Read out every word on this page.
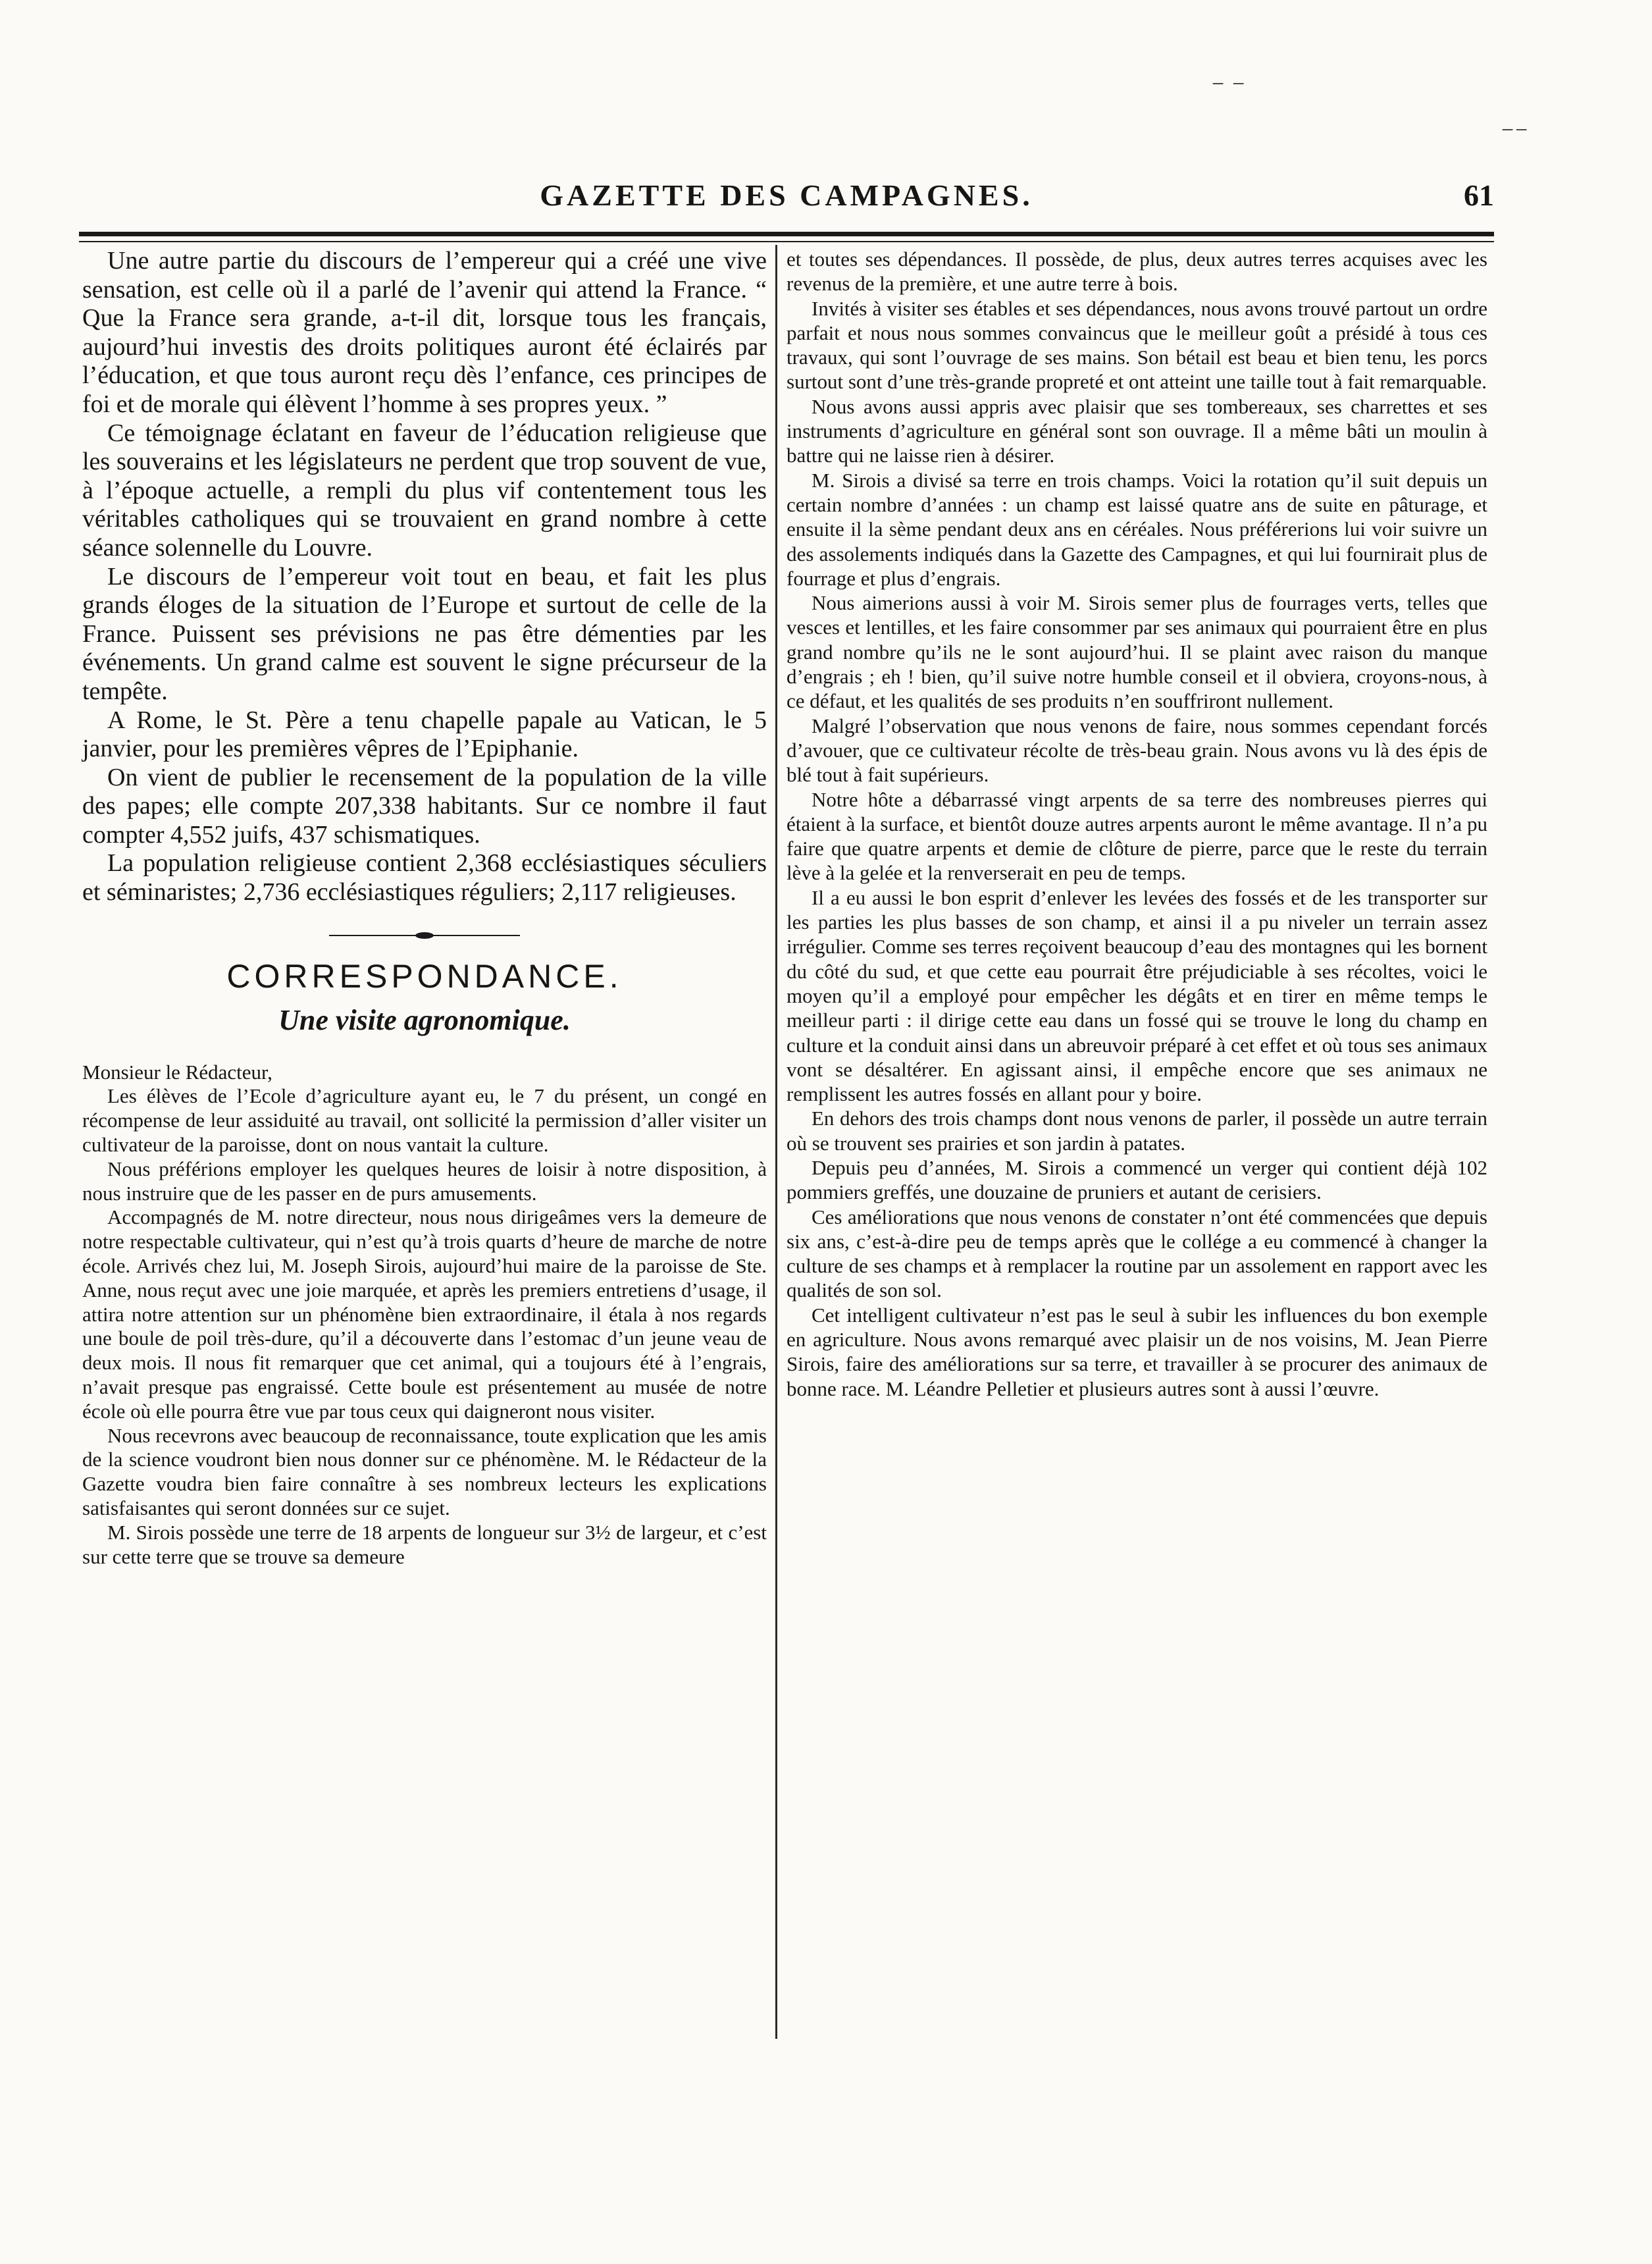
⁻ ⁻
⁻⁻
GAZETTE DES CAMPAGNES.	61

Une autre partie du discours de l’empereur qui a créé une vive sensation, est celle où il a parlé de l’avenir qui attend la France. “ Que la France sera grande, a-t-il dit, lorsque tous les français, aujourd’hui investis des droits politiques auront été éclairés par l’éducation, et que tous auront reçu dès l’enfance, ces principes de foi et de morale qui élèvent l’homme à ses propres yeux. ”

Ce témoignage éclatant en faveur de l’éducation religieuse que les souverains et les législateurs ne perdent que trop souvent de vue, à l’époque actuelle, a rempli du plus vif contentement tous les véritables catholiques qui se trouvaient en grand nombre à cette séance solennelle du Louvre.

Le discours de l’empereur voit tout en beau, et fait les plus grands éloges de la situation de l’Europe et surtout de celle de la France. Puissent ses prévisions ne pas être démenties par les événements. Un grand calme est souvent le signe précurseur de la tempête.

A Rome, le St. Père a tenu chapelle papale au Vatican, le 5 janvier, pour les premières vêpres de l’Epiphanie.

On vient de publier le recensement de la population de la ville des papes; elle compte 207,338 habitants. Sur ce nombre il faut compter 4,552 juifs, 437 schismatiques.

La population religieuse contient 2,368 ecclésiastiques séculiers et séminaristes; 2,736 ecclésiastiques réguliers; 2,117 religieuses.

CORRESPONDANCE.
Une visite agronomique.

Monsieur le Rédacteur,

Les élèves de l’Ecole d’agriculture ayant eu, le 7 du présent, un congé en récompense de leur assiduité au travail, ont sollicité la permission d’aller visiter un cultivateur de la paroisse, dont on nous vantait la culture.

Nous préférions employer les quelques heures de loisir à notre disposition, à nous instruire que de les passer en de purs amusements.

Accompagnés de M. notre directeur, nous nous dirigeâmes vers la demeure de notre respectable cultivateur, qui n’est qu’à trois quarts d’heure de marche de notre école. Arrivés chez lui, M. Joseph Sirois, aujourd’hui maire de la paroisse de Ste. Anne, nous reçut avec une joie marquée, et après les premiers entretiens d’usage, il attira notre attention sur un phénomène bien extraordinaire, il étala à nos regards une boule de poil très-dure, qu’il a découverte dans l’estomac d’un jeune veau de deux mois. Il nous fit remarquer que cet animal, qui a toujours été à l’engrais, n’avait presque pas engraissé. Cette boule est présentement au musée de notre école où elle pourra être vue par tous ceux qui daigneront nous visiter.

Nous recevrons avec beaucoup de reconnaissance, toute explication que les amis de la science voudront bien nous donner sur ce phénomène. M. le Rédacteur de la Gazette voudra bien faire connaître à ses nombreux lecteurs les explications satisfaisantes qui seront données sur ce sujet.

M. Sirois possède une terre de 18 arpents de longueur sur 3½ de largeur, et c’est sur cette terre que se trouve sa demeure

et toutes ses dépendances. Il possède, de plus, deux autres terres acquises avec les revenus de la première, et une autre terre à bois.

Invités à visiter ses étables et ses dépendances, nous avons trouvé partout un ordre parfait et nous nous sommes convaincus que le meilleur goût a présidé à tous ces travaux, qui sont l’ouvrage de ses mains. Son bétail est beau et bien tenu, les porcs surtout sont d’une très-grande propreté et ont atteint une taille tout à fait remarquable.

Nous avons aussi appris avec plaisir que ses tombereaux, ses charrettes et ses instruments d’agriculture en général sont son ouvrage. Il a même bâti un moulin à battre qui ne laisse rien à désirer.

M. Sirois a divisé sa terre en trois champs. Voici la rotation qu’il suit depuis un certain nombre d’années : un champ est laissé quatre ans de suite en pâturage, et ensuite il la sème pendant deux ans en céréales. Nous préférerions lui voir suivre un des assolements indiqués dans la Gazette des Campagnes, et qui lui fournirait plus de fourrage et plus d’engrais.

Nous aimerions aussi à voir M. Sirois semer plus de fourrages verts, telles que vesces et lentilles, et les faire consommer par ses animaux qui pourraient être en plus grand nombre qu’ils ne le sont aujourd’hui. Il se plaint avec raison du manque d’engrais ; eh ! bien, qu’il suive notre humble conseil et il obviera, croyons-nous, à ce défaut, et les qualités de ses produits n’en souffriront nullement.

Malgré l’observation que nous venons de faire, nous sommes cependant forcés d’avouer, que ce cultivateur récolte de très-beau grain. Nous avons vu là des épis de blé tout à fait supérieurs.

Notre hôte a débarrassé vingt arpents de sa terre des nombreuses pierres qui étaient à la surface, et bientôt douze autres arpents auront le même avantage. Il n’a pu faire que quatre arpents et demie de clôture de pierre, parce que le reste du terrain lève à la gelée et la renverserait en peu de temps.

Il a eu aussi le bon esprit d’enlever les levées des fossés et de les transporter sur les parties les plus basses de son champ, et ainsi il a pu niveler un terrain assez irrégulier. Comme ses terres reçoivent beaucoup d’eau des montagnes qui les bornent du côté du sud, et que cette eau pourrait être préjudiciable à ses récoltes, voici le moyen qu’il a employé pour empêcher les dégâts et en tirer en même temps le meilleur parti : il dirige cette eau dans un fossé qui se trouve le long du champ en culture et la conduit ainsi dans un abreuvoir préparé à cet effet et où tous ses animaux vont se désaltérer. En agissant ainsi, il empêche encore que ses animaux ne remplissent les autres fossés en allant pour y boire.

En dehors des trois champs dont nous venons de parler, il possède un autre terrain où se trouvent ses prairies et son jardin à patates.

Depuis peu d’années, M. Sirois a commencé un verger qui contient déjà 102 pommiers greffés, une douzaine de pruniers et autant de cerisiers.

Ces améliorations que nous venons de constater n’ont été commencées que depuis six ans, c’est-à-dire peu de temps après que le collége a eu commencé à changer la culture de ses champs et à remplacer la routine par un assolement en rapport avec les qualités de son sol.

Cet intelligent cultivateur n’est pas le seul à subir les influences du bon exemple en agriculture. Nous avons remarqué avec plaisir un de nos voisins, M. Jean Pierre Sirois, faire des améliorations sur sa terre, et travailler à se procurer des animaux de bonne race. M. Léandre Pelletier et plusieurs autres sont à aussi l’œuvre.
